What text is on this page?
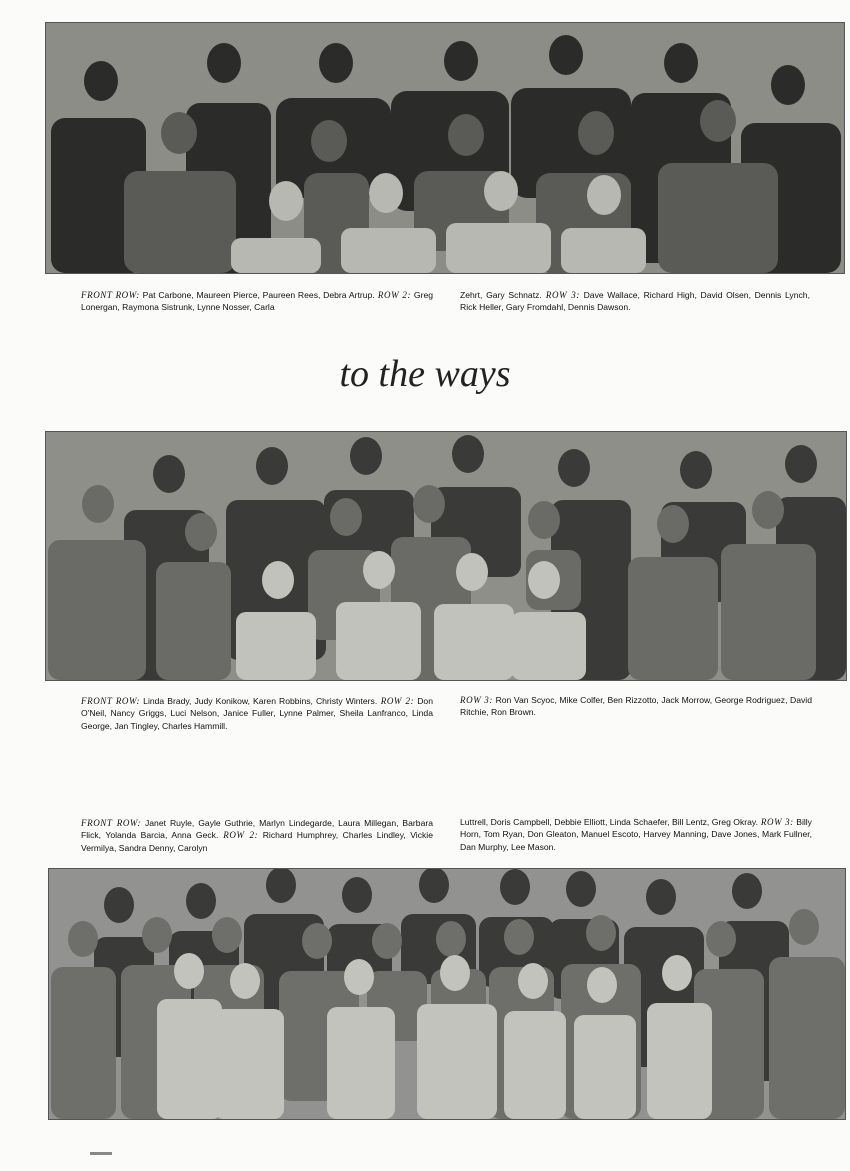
FRONT ROW: Pat Carbone, Maureen Pierce, Paureen Rees, Debra Artrup. ROW 2: Greg Lonergan, Raymona Sistrunk, Lynne Nosser, Carla
Zehrt, Gary Schnatz. ROW 3: Dave Wallace, Richard High, David Olsen, Dennis Lynch, Rick Heller, Gary Fromdahl, Dennis Dawson.
to the ways
FRONT ROW: Linda Brady, Judy Konikow, Karen Robbins, Christy Winters. ROW 2: Don O'Neil, Nancy Griggs, Luci Nelson, Janice Fuller, Lynne Palmer, Sheila Lanfranco, Linda George, Jan Tingley, Charles Hammill.
ROW 3: Ron Van Scyoc, Mike Colfer, Ben Rizzotto, Jack Morrow, George Rodriguez, David Ritchie, Ron Brown.
FRONT ROW: Janet Ruyle, Gayle Guthrie, Marlyn Lindegarde, Laura Millegan, Barbara Flick, Yolanda Barcia, Anna Geck. ROW 2: Richard Humphrey, Charles Lindley, Vickie Vermilya, Sandra Denny, Carolyn
Luttrell, Doris Campbell, Debbie Elliott, Linda Schaefer, Bill Lentz, Greg Okray. ROW 3: Billy Horn, Tom Ryan, Don Gleaton, Manuel Escoto, Harvey Manning, Dave Jones, Mark Fullner, Dan Murphy, Lee Mason.
